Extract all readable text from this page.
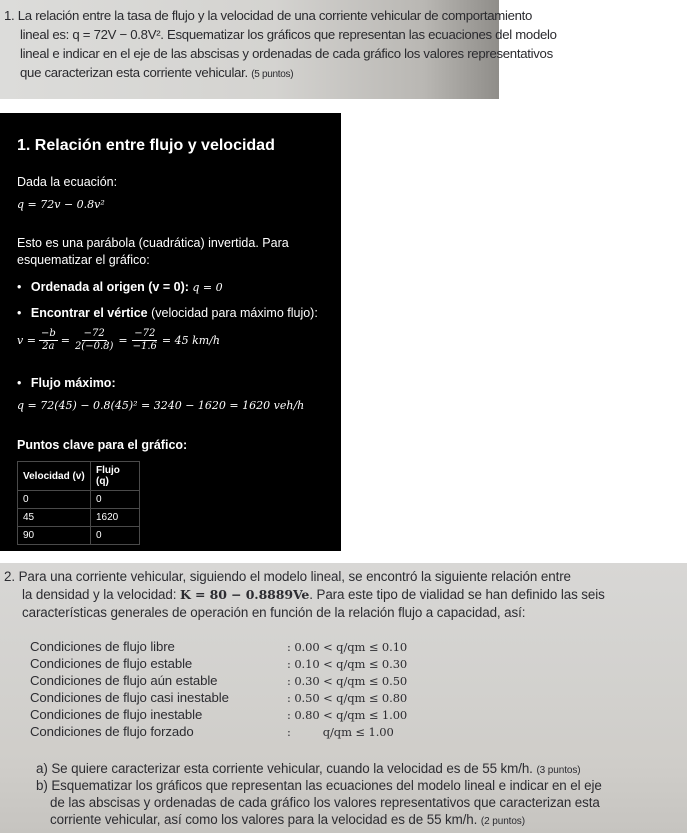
1. La relación entre la tasa de flujo y la velocidad de una corriente vehicular de comportamiento
lineal es: q = 72V − 0.8V². Esquematizar los gráficos que representan las ecuaciones del modelo
lineal e indicar en el eje de las abscisas y ordenadas de cada gráfico los valores representativos
que caracterizan esta corriente vehicular. (5 puntos)
1. Relación entre flujo y velocidad
Dada la ecuación:
q = 72v − 0.8v²
Esto es una parábola (cuadrática) invertida. Para
esquematizar el gráfico:
• Ordenada al origen (v = 0): q = 0
• Encontrar el vértice (velocidad para máximo flujo):
$v = \frac{-b}{2a} = \frac{-72}{2(-0.8)} = \frac{-72}{-1.6} = 45$ km/h
• Flujo máximo:
q = 72(45) − 0.8(45)² = 3240 − 1620 = 1620 veh/h
Puntos clave para el gráfico:
Velocidad (v)	Flujo (q)
0	0
45	1620
90	0
2. Para una corriente vehicular, siguiendo el modelo lineal, se encontró la siguiente relación entre
la densidad y la velocidad: K = 80 − 0.8889Ve. Para este tipo de vialidad se han definido las seis
características generales de operación en función de la relación flujo a capacidad, así:
Condiciones de flujo libre	: 0.00 < q/qm ≤ 0.10
Condiciones de flujo estable	: 0.10 < q/qm ≤ 0.30
Condiciones de flujo aún estable	: 0.30 < q/qm ≤ 0.50
Condiciones de flujo casi inestable	: 0.50 < q/qm ≤ 0.80
Condiciones de flujo inestable	: 0.80 < q/qm ≤ 1.00
Condiciones de flujo forzado	:         q/qm ≤ 1.00
a) Se quiere caracterizar esta corriente vehicular, cuando la velocidad es de 55 km/h. (3 puntos)
b) Esquematizar los gráficos que representan las ecuaciones del modelo lineal e indicar en el eje
de las abscisas y ordenadas de cada gráfico los valores representativos que caracterizan esta
corriente vehicular, así como los valores para la velocidad es de 55 km/h. (2 puntos)
